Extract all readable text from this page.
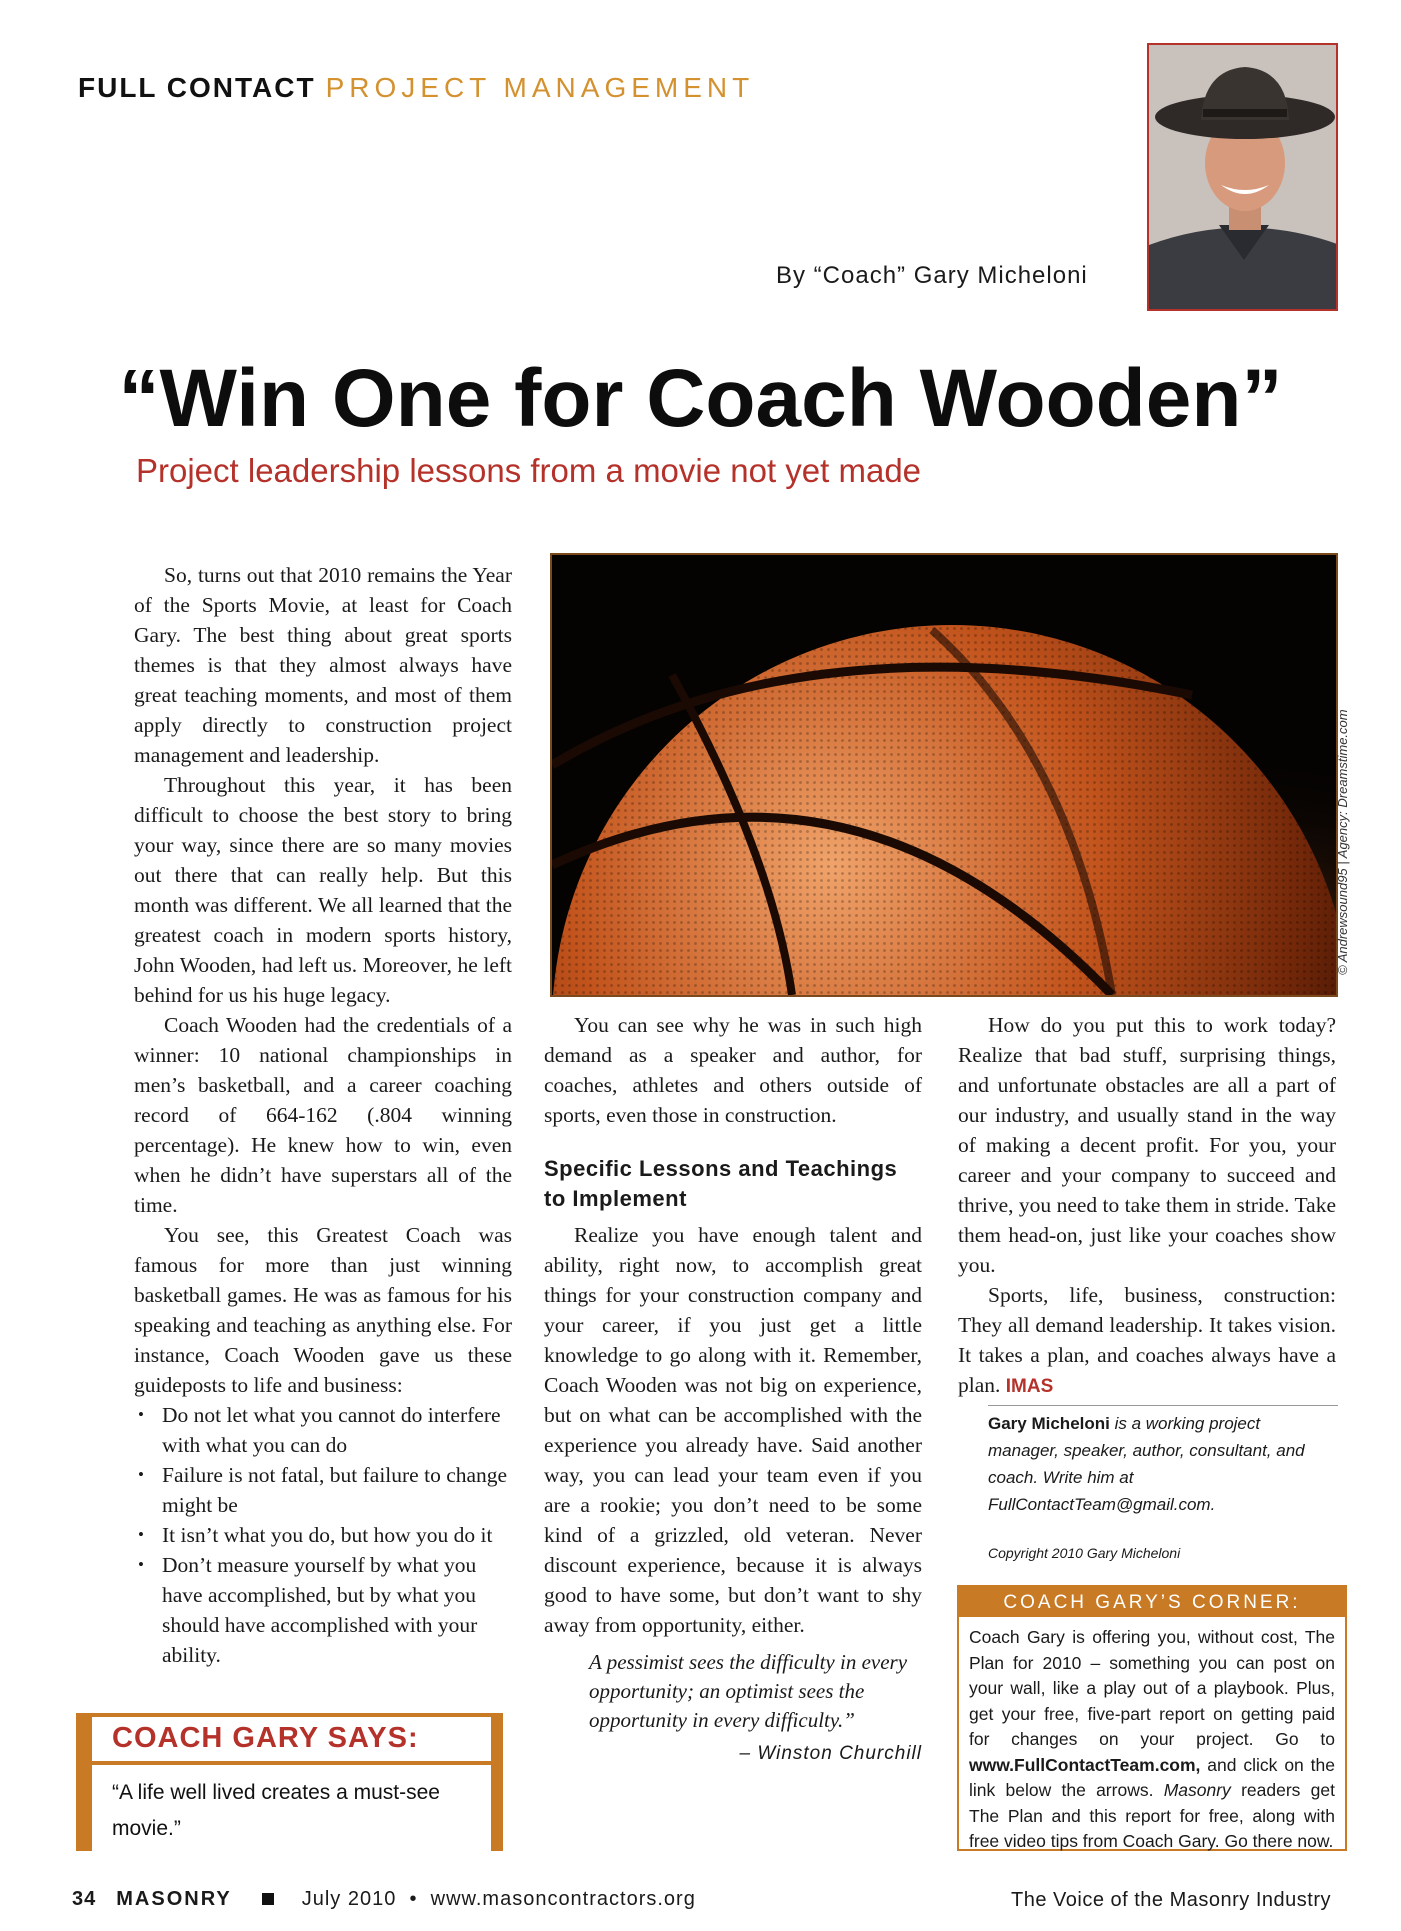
FULL CONTACT PROJECT MANAGEMENT
By “Coach” Gary Micheloni
“Win One for Coach Wooden”
Project leadership lessons from a movie not yet made
© Andrewsound95 | Agency: Dreamstime.com

So, turns out that 2010 remains the Year of the Sports Movie, at least for Coach Gary. The best thing about great sports themes is that they almost always have great teaching moments, and most of them apply directly to construction project management and leadership.

Throughout this year, it has been difficult to choose the best story to bring your way, since there are so many movies out there that can really help. But this month was different. We all learned that the greatest coach in modern sports history, John Wooden, had left us. Moreover, he left behind for us his huge legacy.

Coach Wooden had the credentials of a winner: 10 national championships in men’s basketball, and a career coaching record of 664-162 (.804 winning percentage). He knew how to win, even when he didn’t have superstars all of the time.

You see, this Greatest Coach was famous for more than just winning basketball games. He was as famous for his speaking and teaching as anything else. For instance, Coach Wooden gave us these guideposts to life and business:

• Do not let what you cannot do interfere with what you can do
• Failure is not fatal, but failure to change might be
• It isn’t what you do, but how you do it
• Don’t measure yourself by what you have accomplished, but by what you should have accomplished with your ability.

You can see why he was in such high demand as a speaker and author, for coaches, athletes and others outside of sports, even those in construction.

Specific Lessons and Teachings to Implement

Realize you have enough talent and ability, right now, to accomplish great things for your construction company and your career, if you just get a little knowledge to go along with it. Remember, Coach Wooden was not big on experience, but on what can be accomplished with the experience you already have. Said another way, you can lead your team even if you are a rookie; you don’t need to be some kind of a grizzled, old veteran. Never discount experience, because it is always good to have some, but don’t want to shy away from opportunity, either.

A pessimist sees the difficulty in every opportunity; an optimist sees the opportunity in every difficulty.”
– Winston Churchill

How do you put this to work today? Realize that bad stuff, surprising things, and unfortunate obstacles are all a part of our industry, and usually stand in the way of making a decent profit. For you, your career and your company to succeed and thrive, you need to take them in stride. Take them head-on, just like your coaches show you.

Sports, life, business, construction: They all demand leadership. It takes vision. It takes a plan, and coaches always have a plan. IMAS

Gary Micheloni is a working project manager, speaker, author, consultant, and coach. Write him at FullContactTeam@gmail.com.
Copyright 2010 Gary Micheloni
COACH GARY’S CORNER:
Coach Gary is offering you, without cost, The Plan for 2010 – something you can post on your wall, like a play out of a playbook. Plus, get your free, five-part report on getting paid for changes on your project. Go to www.FullContactTeam.com, and click on the link below the arrows. Masonry readers get The Plan and this report for free, along with free video tips from Coach Gary. Go there now.
COACH GARY SAYS:
“A life well lived creates a must-see movie.”
34 MASONRY	July 2010 • www.masoncontractors.org	The Voice of the Masonry Industry
